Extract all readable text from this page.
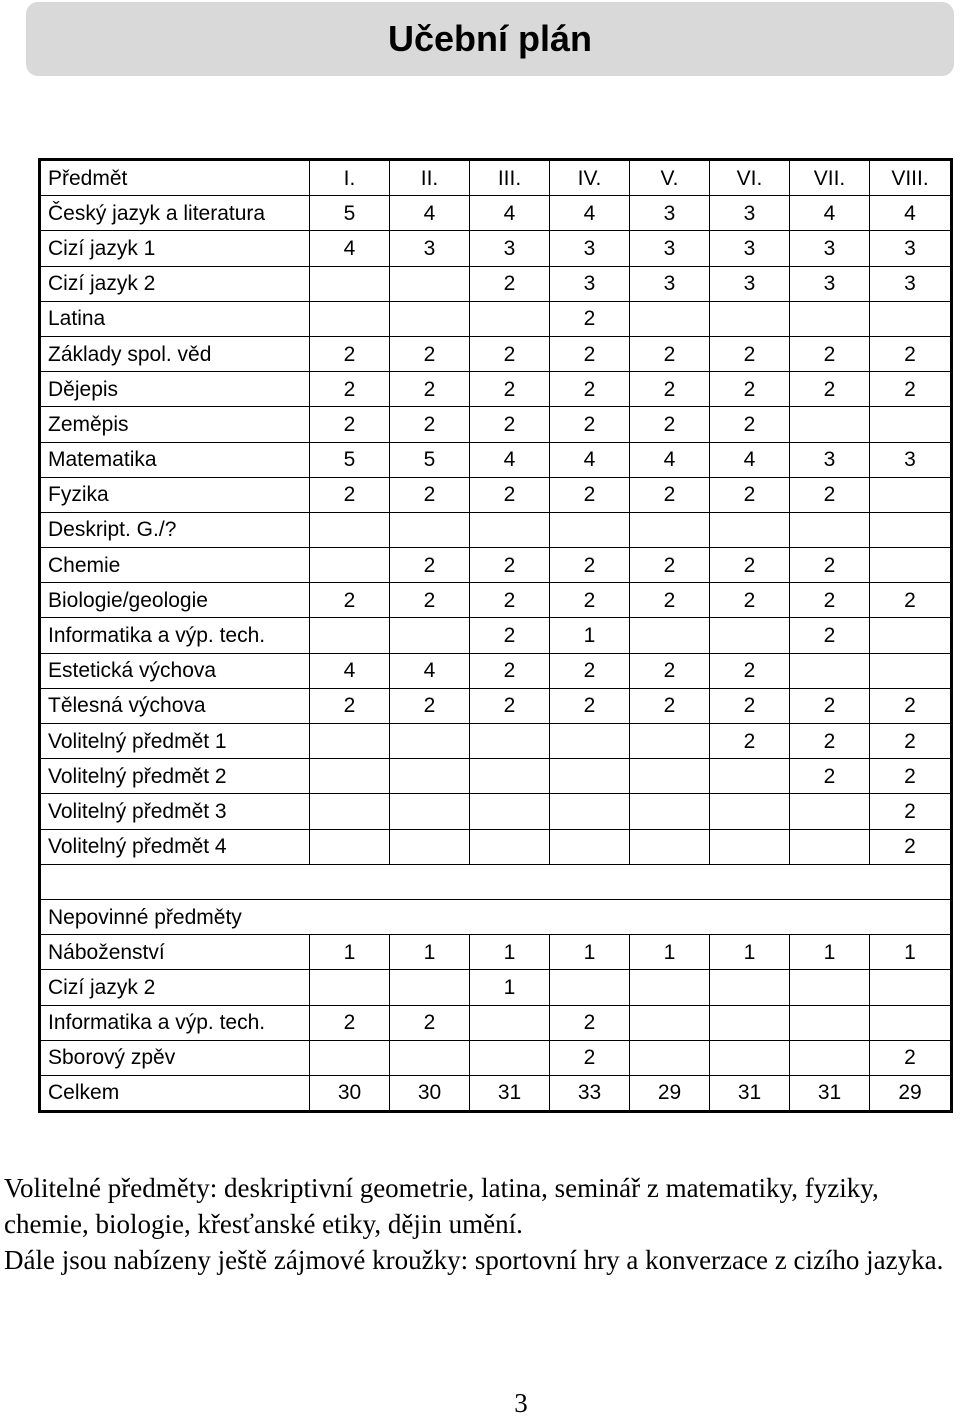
Učební plán
Předmět	I.	II.	III.	IV.	V.	VI.	VII.	VIII.
Český jazyk a literatura	5	4	4	4	3	3	4	4
Cizí jazyk 1	4	3	3	3	3	3	3	3
Cizí jazyk 2			2	3	3	3	3	3
Latina				2				
Základy spol. věd	2	2	2	2	2	2	2	2
Dějepis	2	2	2	2	2	2	2	2
Zeměpis	2	2	2	2	2	2		
Matematika	5	5	4	4	4	4	3	3
Fyzika	2	2	2	2	2	2	2	
Deskript. G./?								
Chemie		2	2	2	2	2	2	
Biologie/geologie	2	2	2	2	2	2	2	2
Informatika a výp. tech.			2	1			2	
Estetická výchova	4	4	2	2	2	2		
Tělesná výchova	2	2	2	2	2	2	2	2
Volitelný předmět 1						2	2	2
Volitelný předmět 2							2	2
Volitelný předmět 3								2
Volitelný předmět 4								2

Nepovinné předměty								
Náboženství	1	1	1	1	1	1	1	1
Cizí jazyk 2			1					
Informatika a výp. tech.	2	2		2				
Sborový zpěv				2				2
Celkem	30	30	31	33	29	31	31	29

Volitelné předměty: deskriptivní geometrie, latina, seminář z matematiky, fyziky, chemie, biologie, křesťanské etiky, dějin umění.

Dále jsou nabízeny ještě zájmové kroužky: sportovní hry a konverzace z cizího jazyka.

3
